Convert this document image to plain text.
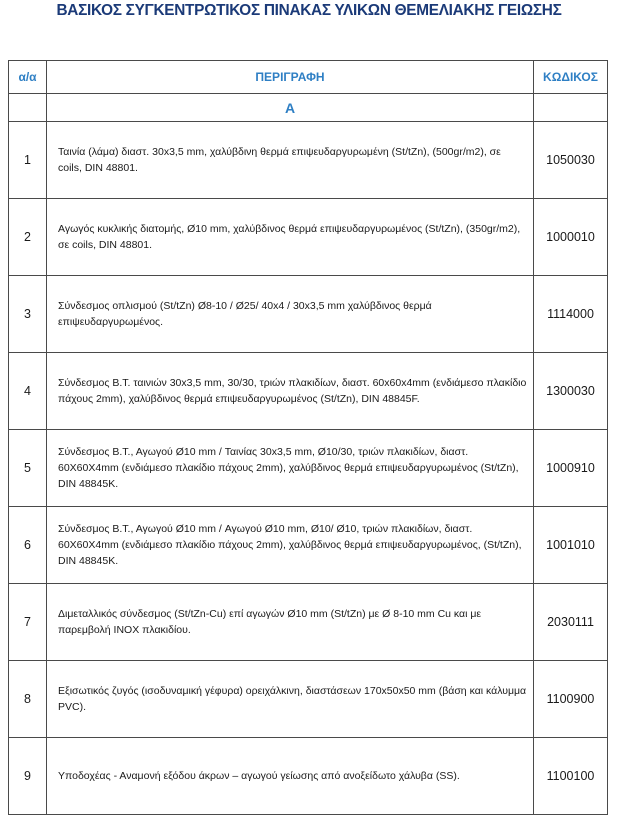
ΒΑΣΙΚΟΣ ΣΥΓΚΕΝΤΡΩΤΙΚΟΣ ΠΙΝΑΚΑΣ ΥΛΙΚΩΝ ΘΕΜΕΛΙΑΚΗΣ ΓΕΙΩΣΗΣ
α/α	ΠΕΡΙΓΡΑΦΗ	ΚΩΔΙΚΟΣ
	Α	
1	Ταινία (λάμα) διαστ. 30x3,5 mm, χαλύβδινη θερμά επιψευδαργυρωμένη (St/tZn), (500gr/m2), σε coils, DIN 48801.	1050030
2	Αγωγός κυκλικής διατομής, Ø10 mm, χαλύβδινος θερμά επιψευδαργυρωμένος (St/tZn), (350gr/m2), σε coils, DIN 48801.	1000010
3	Σύνδεσμος οπλισμού (St/tZn) Ø8-10 / Ø25/ 40x4 / 30x3,5 mm χαλύβδινος θερμά επιψευδαργυρωμένος.	1114000
4	Σύνδεσμος Β.Τ. ταινιών 30x3,5 mm, 30/30, τριών πλακιδίων, διαστ. 60x60x4mm (ενδιάμεσο πλακίδιο πάχους 2mm), χαλύβδινος θερμά επιψευδαργυρωμένος (St/tZn), DIN 48845F.	1300030
5	Σύνδεσμος Β.Τ., Αγωγού Ø10 mm / Ταινίας 30x3,5 mm, Ø10/30, τριών πλακιδίων, διαστ. 60X60X4mm (ενδιάμεσο πλακίδιο πάχους 2mm), χαλύβδινος θερμά επιψευδαργυρωμένος (St/tZn), DIN 48845K.	1000910
6	Σύνδεσμος Β.Τ., Αγωγού Ø10 mm / Αγωγού Ø10 mm, Ø10/ Ø10, τριών πλακιδίων, διαστ. 60X60X4mm (ενδιάμεσο πλακίδιο πάχους 2mm), χαλύβδινος θερμά επιψευδαργυρωμένος, (St/tZn), DIN 48845K.	1001010
7	Διμεταλλικός σύνδεσμος (St/tZn-Cu) επί αγωγών Ø10 mm (St/tZn) με Ø 8-10 mm Cu και με παρεμβολή INOX πλακιδίου.	2030111
8	Εξισωτικός ζυγός (ισοδυναμική γέφυρα) ορειχάλκινη, διαστάσεων 170x50x50 mm (βάση και κάλυμμα PVC).	1100900
9	Υποδοχέας - Αναμονή εξόδου άκρων – αγωγού γείωσης από ανοξείδωτο χάλυβα (SS).	1100100
